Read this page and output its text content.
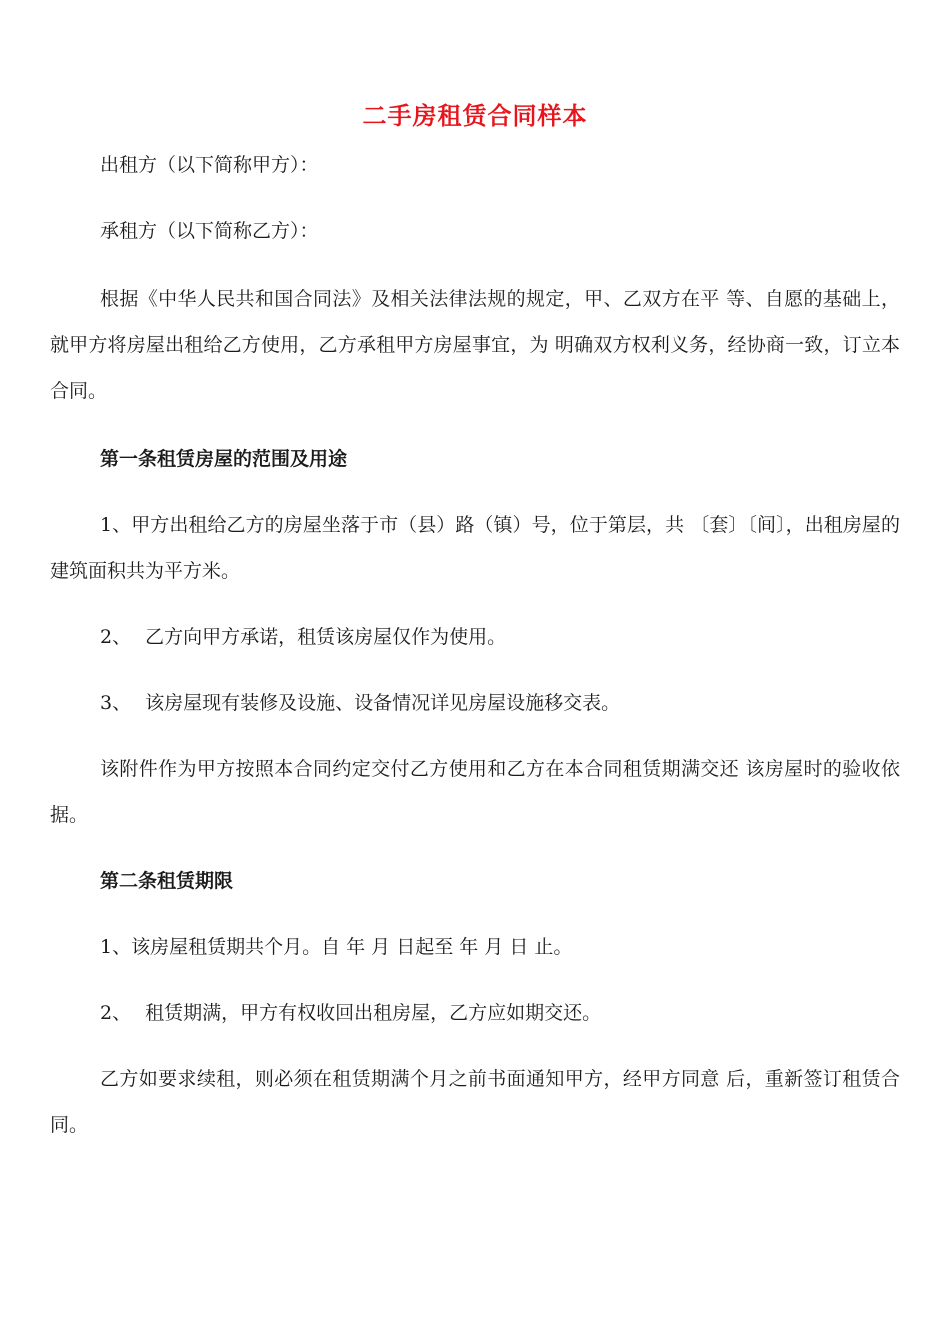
二手房租赁合同样本

出租方（以下简称甲方）：

承租方（以下简称乙方）：

根据《中华人民共和国合同法》及相关法律法规的规定，甲、乙双方在平 等、自愿的基础上，就甲方将房屋出租给乙方使用，乙方承租甲方房屋事宜，为 明确双方权利义务，经协商一致，订立本合同。

第一条租赁房屋的范围及用途

1、甲方出租给乙方的房屋坐落于市（县）路（镇）号，位于第层，共 〔套〕〔间〕，出租房屋的建筑面积共为平方米。

2、 乙方向甲方承诺，租赁该房屋仅作为使用。

3、 该房屋现有装修及设施、设备情况详见房屋设施移交表。

该附件作为甲方按照本合同约定交付乙方使用和乙方在本合同租赁期满交还 该房屋时的验收依据。

第二条租赁期限

1、该房屋租赁期共个月。自 年 月 日起至 年 月 日 止。

2、 租赁期满，甲方有权收回出租房屋，乙方应如期交还。

乙方如要求续租，则必须在租赁期满个月之前书面通知甲方，经甲方同意 后，重新签订租赁合同。
